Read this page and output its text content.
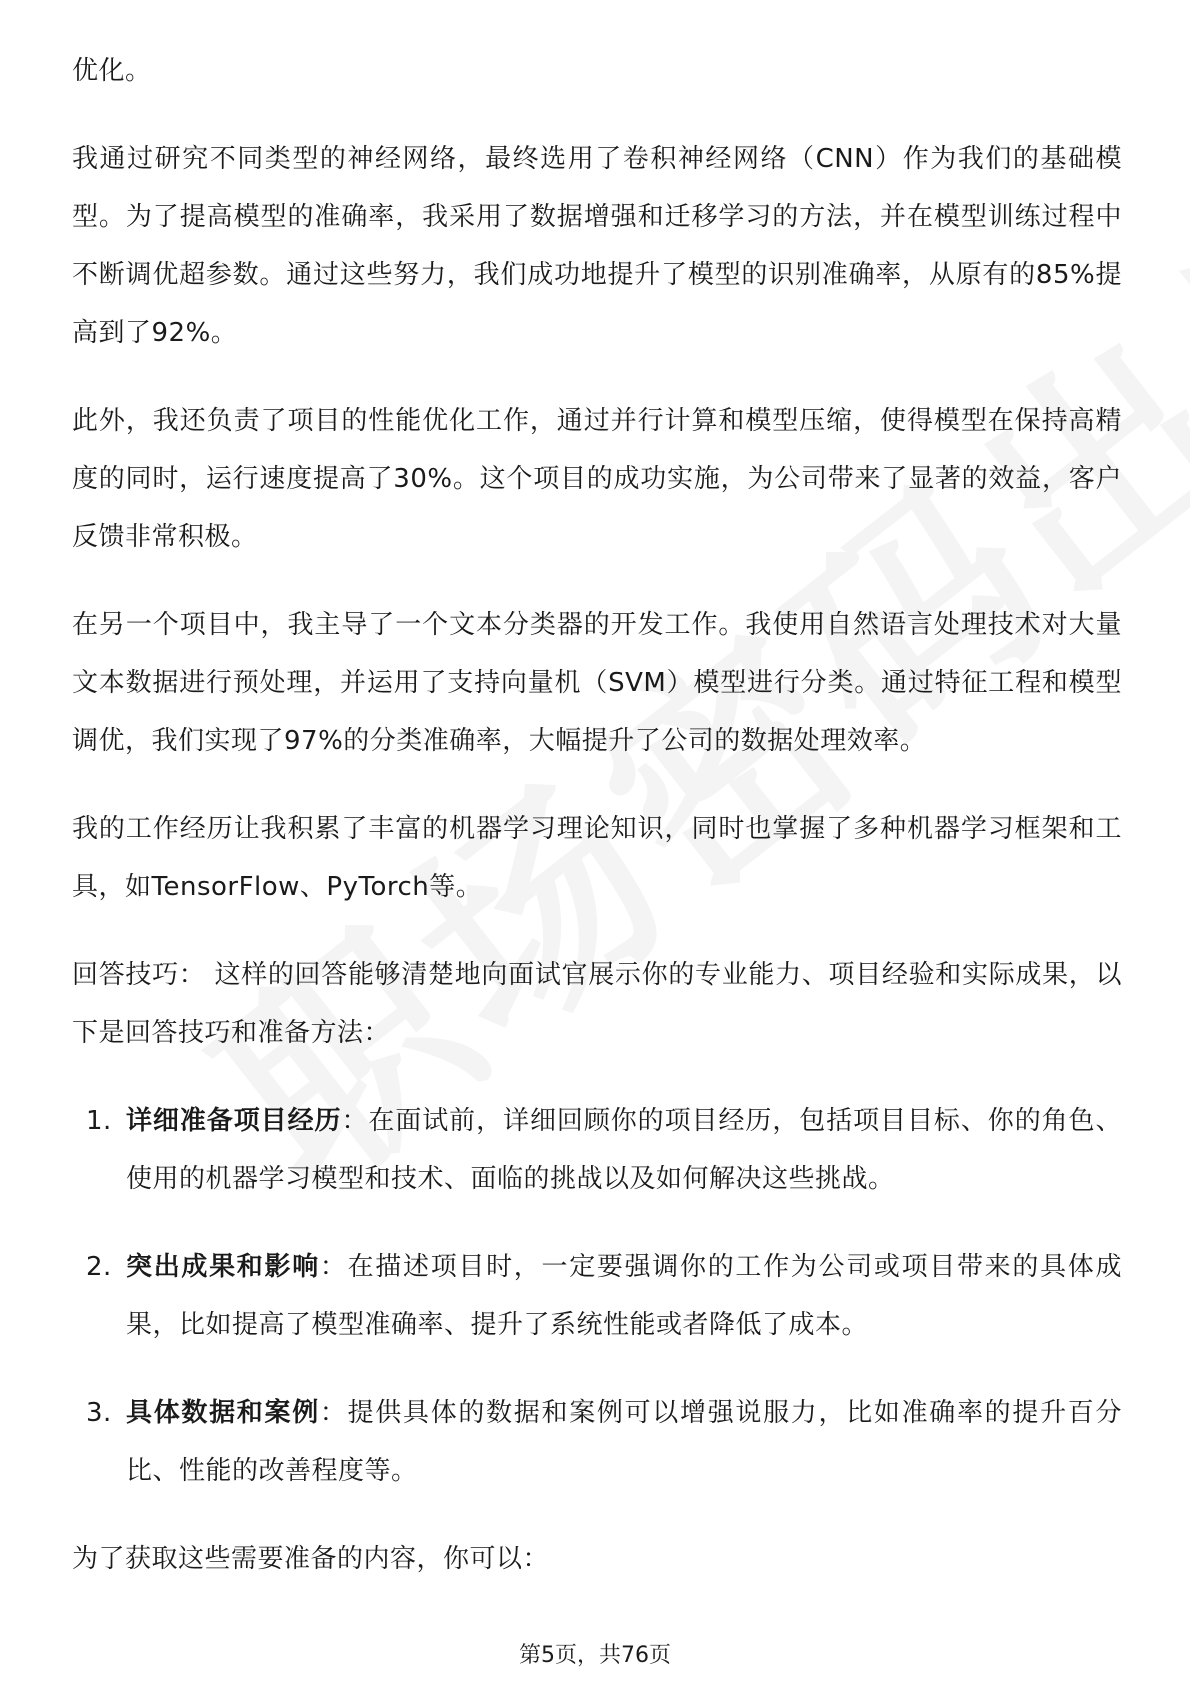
优化。

我通过研究不同类型的神经网络，最终选用了卷积神经网络（CNN）作为我们的基础模型。为了提高模型的准确率，我采用了数据增强和迁移学习的方法，并在模型训练过程中不断调优超参数。通过这些努力，我们成功地提升了模型的识别准确率，从原有的85%提高到了92%。

此外，我还负责了项目的性能优化工作，通过并行计算和模型压缩，使得模型在保持高精度的同时，运行速度提高了30%。这个项目的成功实施，为公司带来了显著的效益，客户反馈非常积极。

在另一个项目中，我主导了一个文本分类器的开发工作。我使用自然语言处理技术对大量文本数据进行预处理，并运用了支持向量机（SVM）模型进行分类。通过特征工程和模型调优，我们实现了97%的分类准确率，大幅提升了公司的数据处理效率。

我的工作经历让我积累了丰富的机器学习理论知识，同时也掌握了多种机器学习框架和工具，如TensorFlow、PyTorch等。

回答技巧： 这样的回答能够清楚地向面试官展示你的专业能力、项目经验和实际成果，以下是回答技巧和准备方法：

1. 详细准备项目经历：在面试前，详细回顾你的项目经历，包括项目目标、你的角色、使用的机器学习模型和技术、面临的挑战以及如何解决这些挑战。
2. 突出成果和影响：在描述项目时，一定要强调你的工作为公司或项目带来的具体成果，比如提高了模型准确率、提升了系统性能或者降低了成本。
3. 具体数据和案例：提供具体的数据和案例可以增强说服力，比如准确率的提升百分比、性能的改善程度等。

为了获取这些需要准备的内容，你可以：

第5页，共76页
